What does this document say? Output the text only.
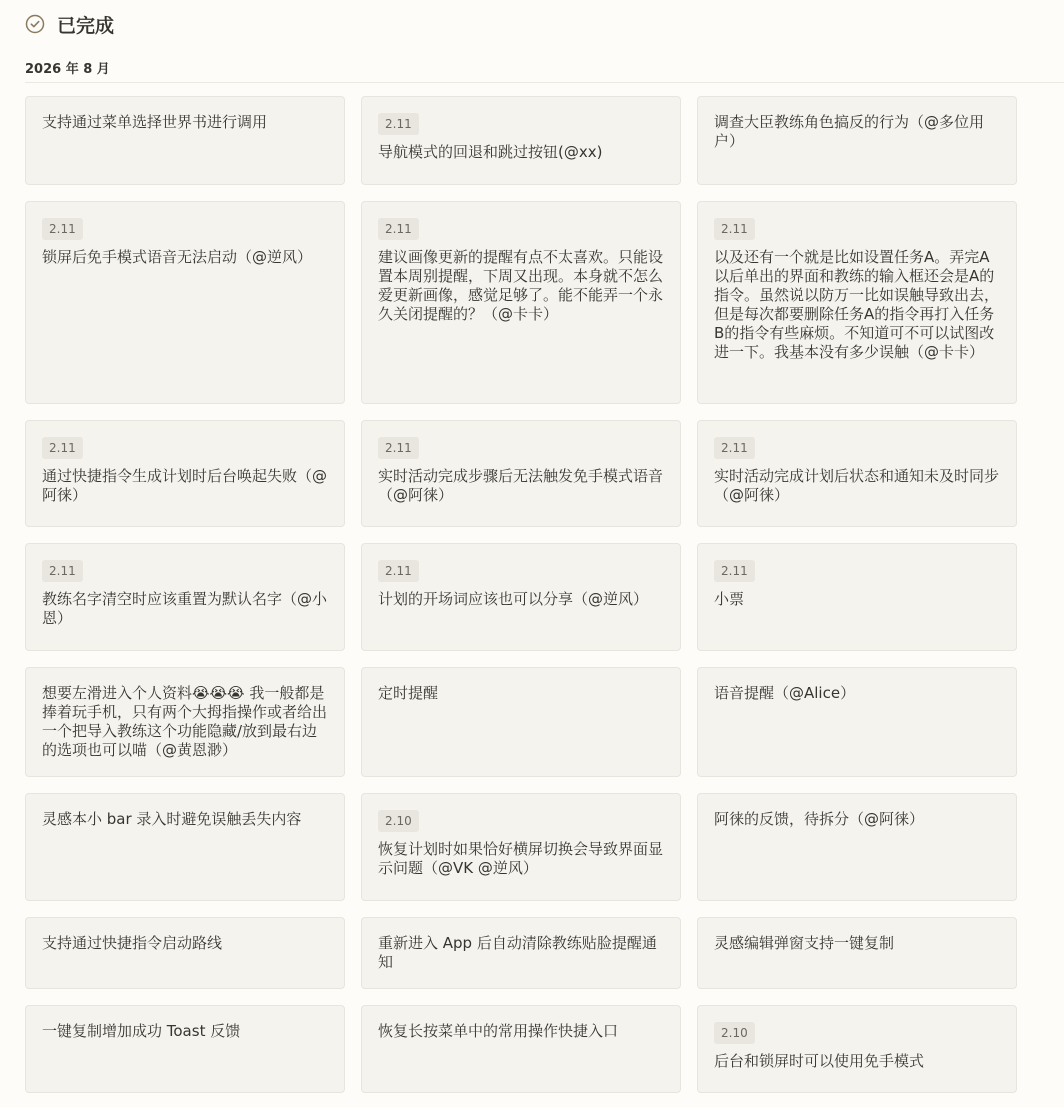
已完成
2026 年 8 月
支持通过菜单选择世界书进行调用	2.11
导航模式的回退和跳过按钮(@xx)
调查大臣教练角色搞反的行为（@多位用户）
2.11
锁屏后免手模式语音无法启动（@逆风）
2.11
建议画像更新的提醒有点不太喜欢。只能设置本周别提醒，下周又出现。本身就不怎么爱更新画像，感觉足够了。能不能弄一个永久关闭提醒的？（@卡卡）
2.11
以及还有一个就是比如设置任务A。弄完A以后单出的界面和教练的输入框还会是A的指令。虽然说以防万一比如误触导致出去，但是每次都要删除任务A的指令再打入任务B的指令有些麻烦。不知道可不可以试图改进一下。我基本没有多少误触（@卡卡）
2.11
通过快捷指令生成计划时后台唤起失败（@阿徕）
2.11
实时活动完成步骤后无法触发免手模式语音（@阿徕）
2.11
实时活动完成计划后状态和通知未及时同步（@阿徕）
2.11
教练名字清空时应该重置为默认名字（@小恩）
2.11
计划的开场词应该也可以分享（@逆风）
2.11
小票
想要左滑进入个人资料😭😭😭 我一般都是捧着玩手机，只有两个大拇指操作或者给出一个把导入教练这个功能隐藏/放到最右边的选项也可以喵（@黄恩渺）
定时提醒	语音提醒（@Alice）
灵感本小 bar 录入时避免误触丢失内容	2.10
恢复计划时如果恰好横屏切换会导致界面显示问题（@VK @逆风）
阿徕的反馈，待拆分（@阿徕）
支持通过快捷指令启动路线	重新进入 App 后自动清除教练贴脸提醒通知
灵感编辑弹窗支持一键复制
一键复制增加成功 Toast 反馈	恢复长按菜单中的常用操作快捷入口	2.10
后台和锁屏时可以使用免手模式
